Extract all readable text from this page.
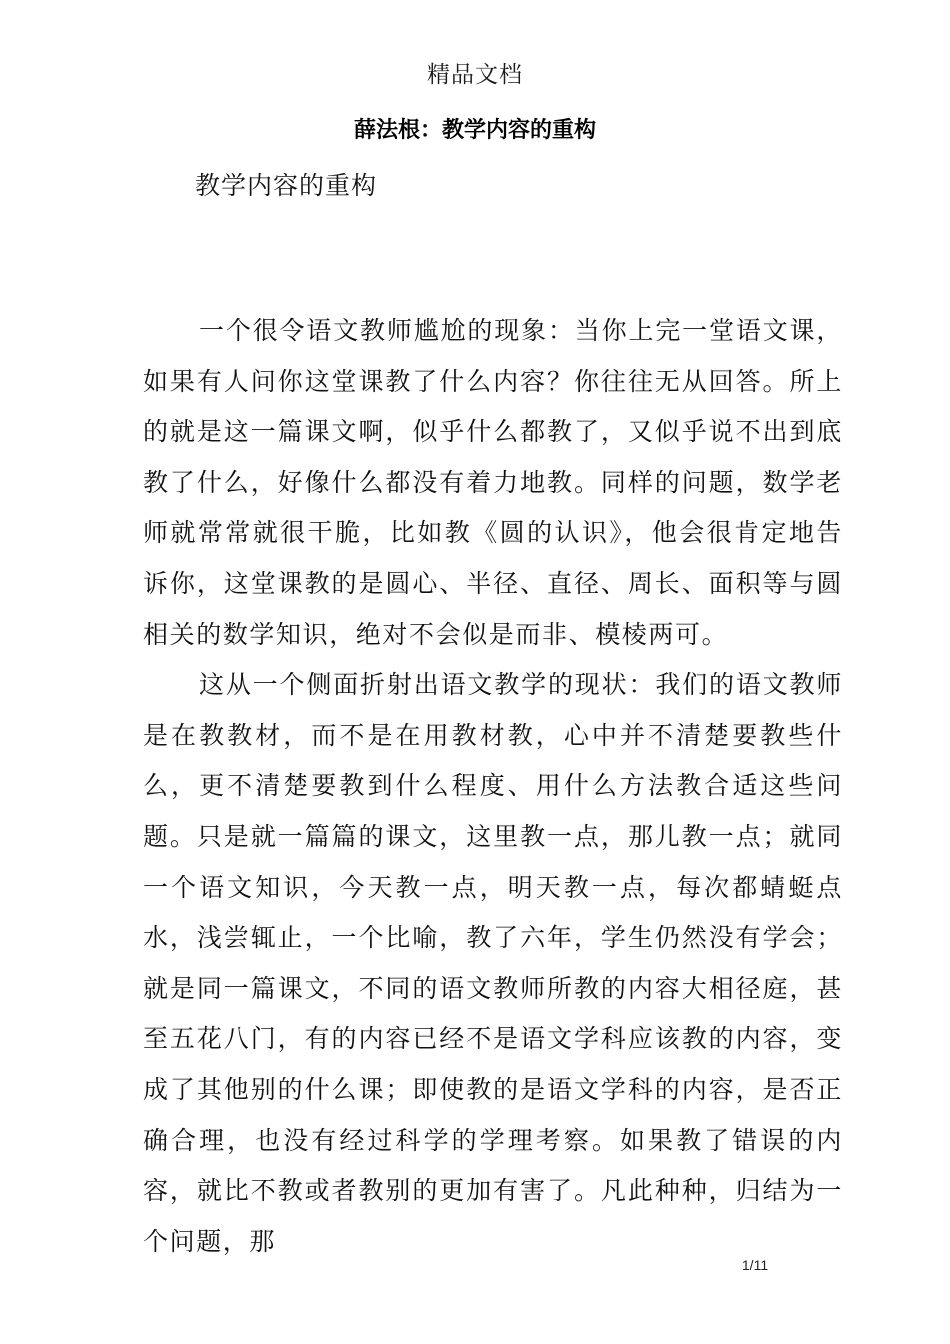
精品文档
薛法根：教学内容的重构
教学内容的重构

一个很令语文教师尴尬的现象：当你上完一堂语文课，如果有人问你这堂课教了什么内容？你往往无从回答。所上的就是这一篇课文啊，似乎什么都教了，又似乎说不出到底教了什么，好像什么都没有着力地教。同样的问题，数学老师就常常就很干脆，比如教《圆的认识》，他会很肯定地告诉你，这堂课教的是圆心、半径、直径、周长、面积等与圆相关的数学知识，绝对不会似是而非、模棱两可。

这从一个侧面折射出语文教学的现状：我们的语文教师是在教教材，而不是在用教材教，心中并不清楚要教些什么，更不清楚要教到什么程度、用什么方法教合适这些问题。只是就一篇篇的课文，这里教一点，那儿教一点；就同一个语文知识，今天教一点，明天教一点，每次都蜻蜓点水，浅尝辄止，一个比喻，教了六年，学生仍然没有学会；就是同一篇课文，不同的语文教师所教的内容大相径庭，甚至五花八门，有的内容已经不是语文学科应该教的内容，变成了其他别的什么课；即使教的是语文学科的内容，是否正确合理，也没有经过科学的学理考察。如果教了错误的内容，就比不教或者教别的更加有害了。凡此种种，归结为一个问题，那

1/11
